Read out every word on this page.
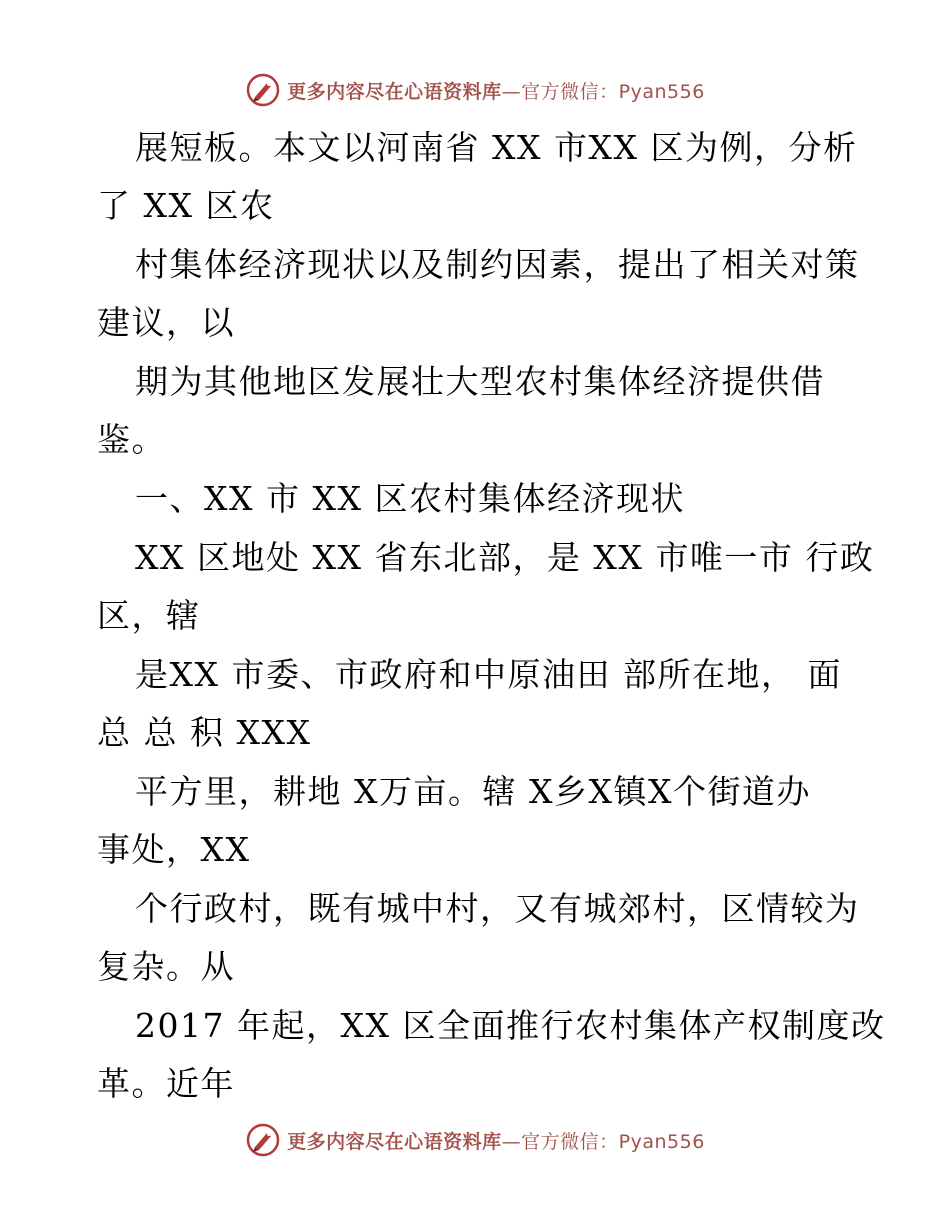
更多内容尽在心语资料库—官方微信：Pyan556
展短板。本文以河南省 XX 市XX 区为例，分析
了 XX 区农
村集体经济现状以及制约因素，提出了相关对策
建议，以
期为其他地区发展壮大型农村集体经济提供借
鉴。
一、XX 市 XX 区农村集体经济现状
XX 区地处 XX 省东北部，是 XX 市唯一市 行政
区，辖
是XX 市委、市政府和中原油田 部所在地， 面
总 总 积 XXX
平方里，耕地 X万亩。辖 X乡X镇X个街道办
事处，XX
个行政村，既有城中村，又有城郊村，区情较为
复杂。从
2017 年起，XX 区全面推行农村集体产权制度改
革。近年
更多内容尽在心语资料库—官方微信：Pyan556
